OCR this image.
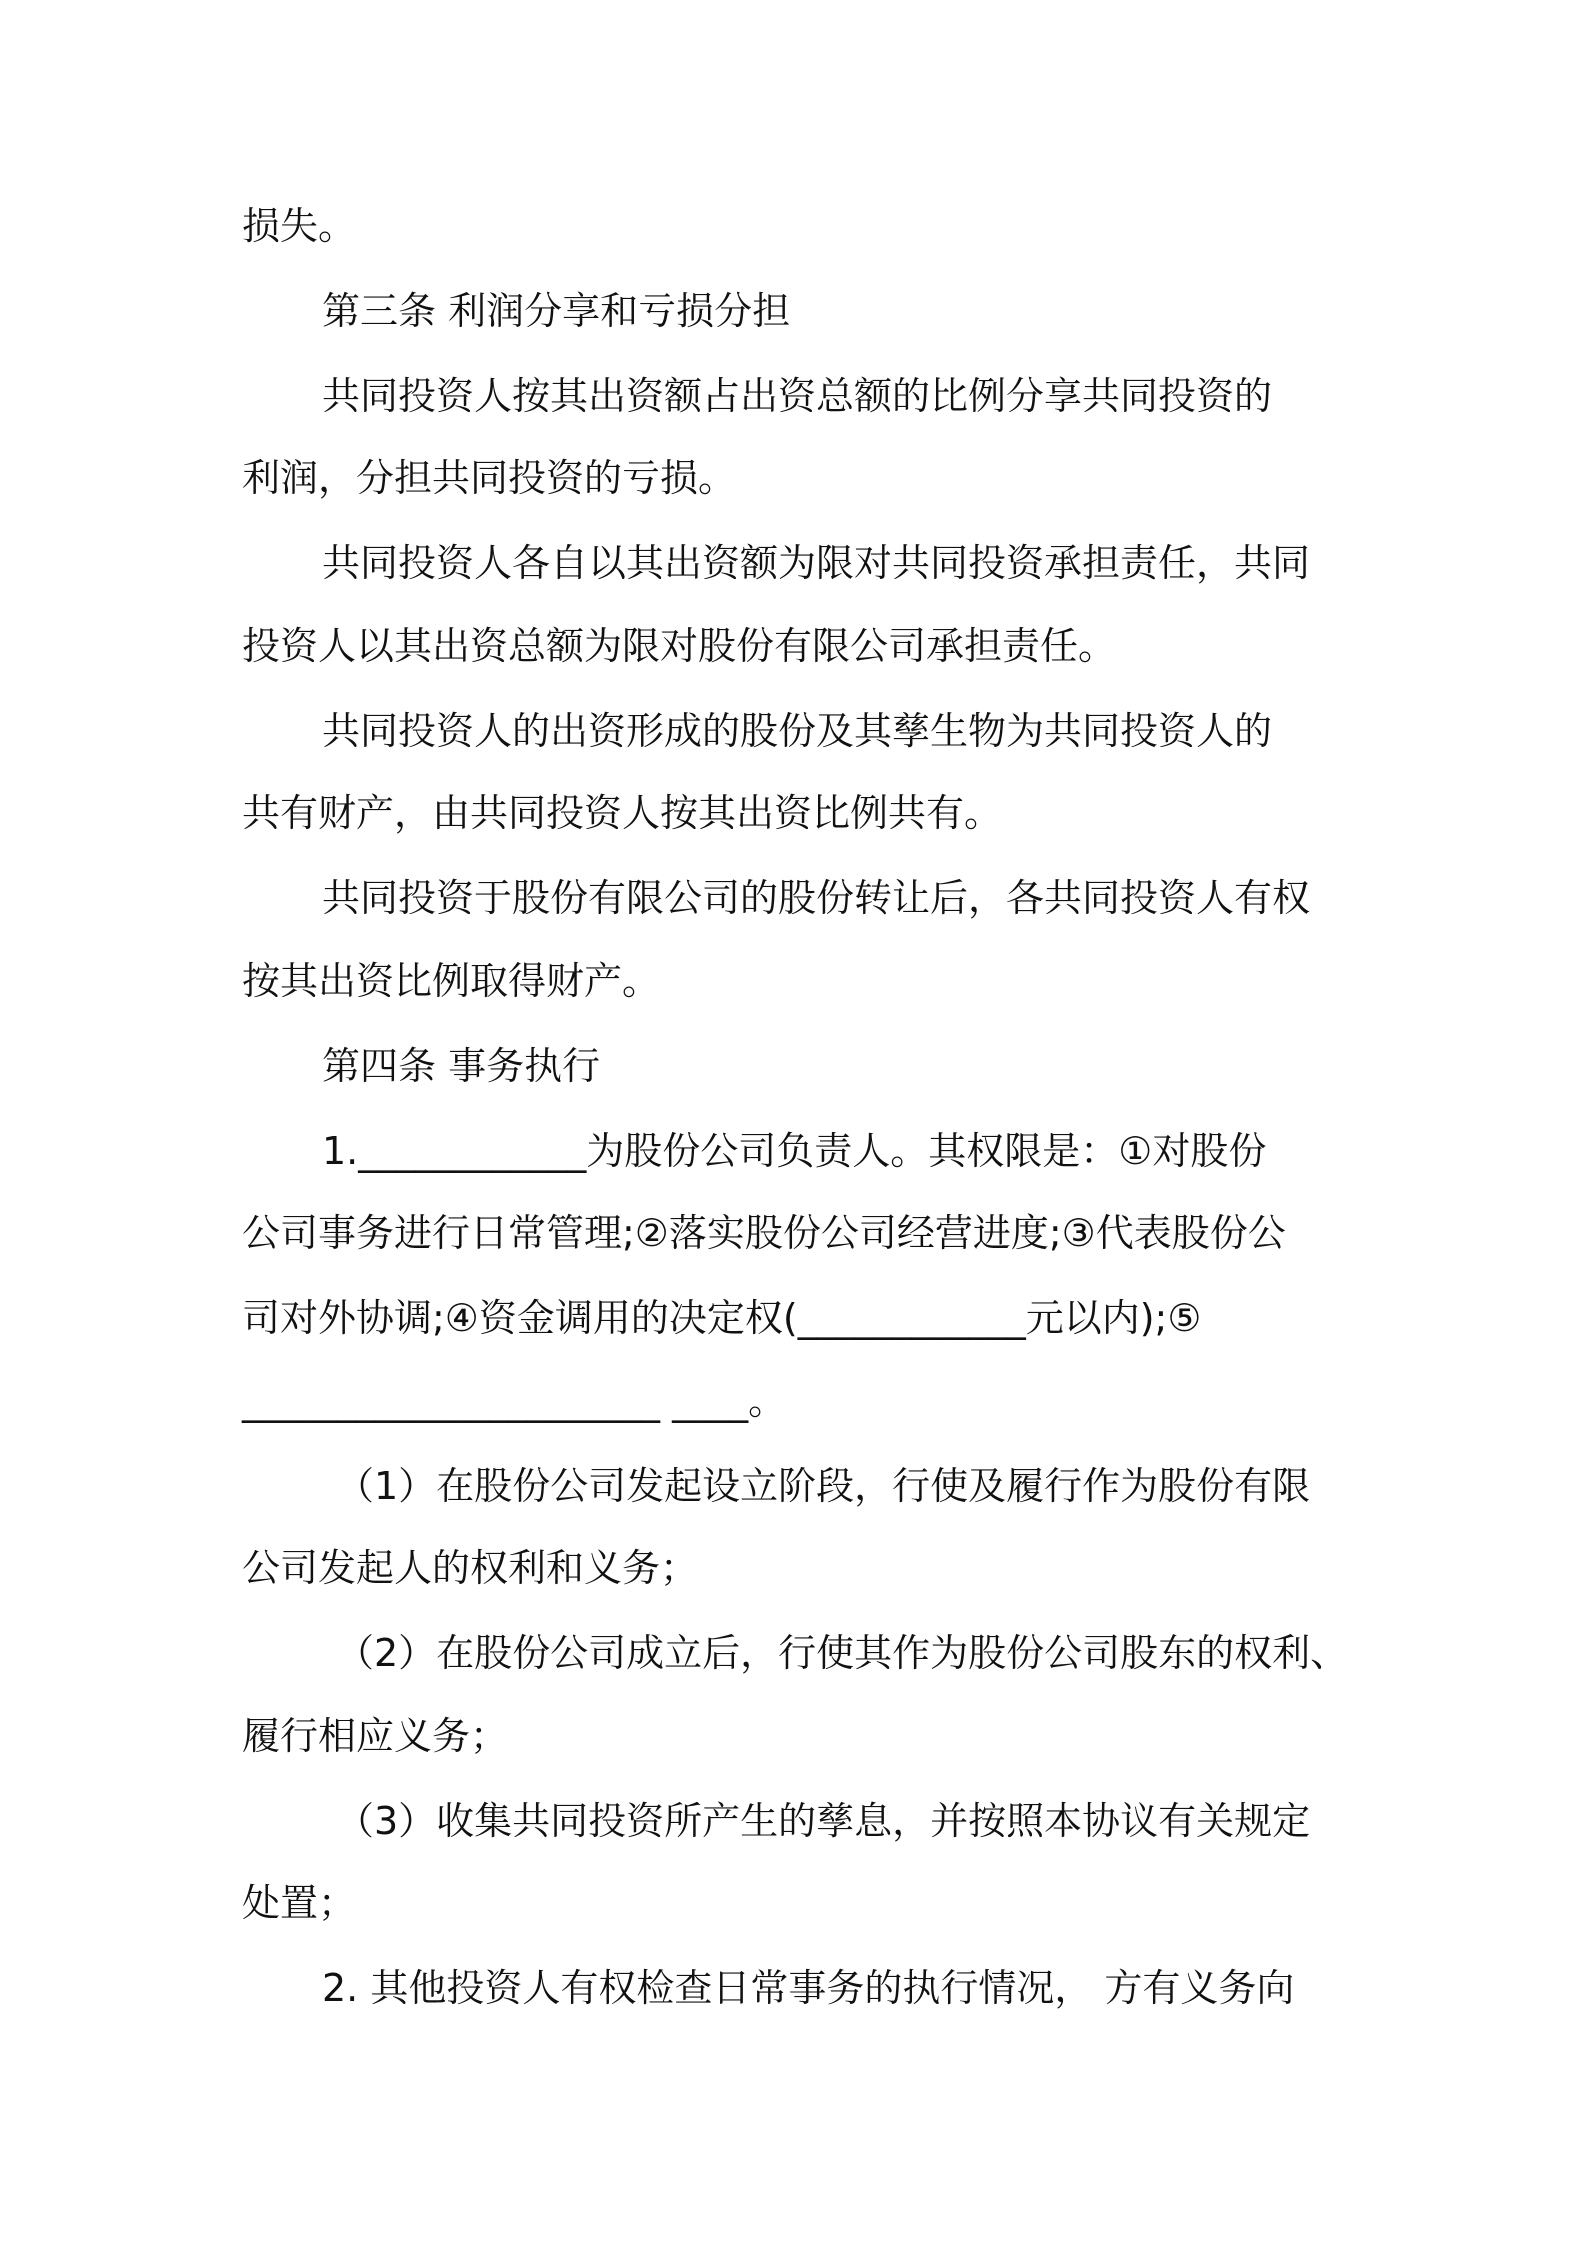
损失。
第三条 利润分享和亏损分担
共同投资人按其出资额占出资总额的比例分享共同投资的
利润，分担共同投资的亏损。
共同投资人各自以其出资额为限对共同投资承担责任，共同
投资人以其出资总额为限对股份有限公司承担责任。
共同投资人的出资形成的股份及其孳生物为共同投资人的
共有财产，由共同投资人按其出资比例共有。
共同投资于股份有限公司的股份转让后，各共同投资人有权
按其出资比例取得财产。
第四条 事务执行
1.____________为股份公司负责人。其权限是：①对股份
公司事务进行日常管理;②落实股份公司经营进度;③代表股份公
司对外协调;④资金调用的决定权(____________元以内);⑤
______________________ ____。
（1）在股份公司发起设立阶段，行使及履行作为股份有限
公司发起人的权利和义务；
（2）在股份公司成立后，行使其作为股份公司股东的权利、
履行相应义务；
（3）收集共同投资所产生的孳息，并按照本协议有关规定
处置；
2. 其他投资人有权检查日常事务的执行情况， 方有义务向
